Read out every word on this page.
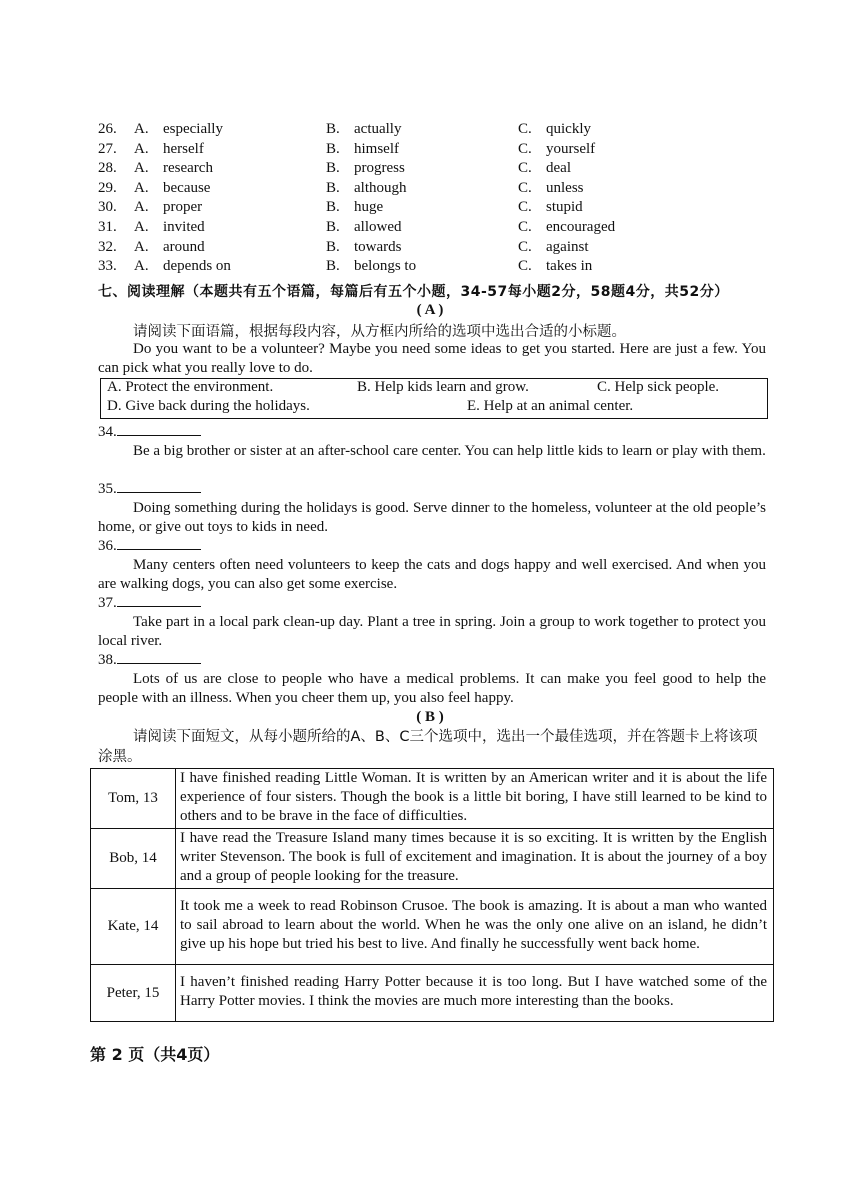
26. A. especially	B. actually	C. quickly
27. A. herself	B. himself	C. yourself
28. A. research	B. progress	C. deal
29. A. because	B. although	C. unless
30. A. proper	B. huge	C. stupid
31. A. invited	B. allowed	C. encouraged
32. A. around	B. towards	C. against
33. A. depends on	B. belongs to	C. takes in
七、阅读理解（本题共有五个语篇，每篇后有五个小题，34-57每小题2分，58题4分，共52分）
( A )
请阅读下面语篇，根据每段内容，从方框内所给的选项中选出合适的小标题。
Do you want to be a volunteer? Maybe you need some ideas to get you started. Here are just a few. You can pick what you really love to do.
A. Protect the environment.	B. Help kids learn and grow.	C. Help sick people.
D. Give back during the holidays.	E. Help at an animal center.
34.
Be a big brother or sister at an after-school care center. You can help little kids to learn or play with them.
35.
Doing something during the holidays is good. Serve dinner to the homeless, volunteer at the old people’s home, or give out toys to kids in need.
36.
Many centers often need volunteers to keep the cats and dogs happy and well exercised. And when you are walking dogs, you can also get some exercise.
37.
Take part in a local park clean-up day. Plant a tree in spring. Join a group to work together to protect you local river.
38.
Lots of us are close to people who have a medical problems. It can make you feel good to help the people with an illness. When you cheer them up, you also feel happy.
( B )
请阅读下面短文，从每小题所给的A、B、C三个选项中，选出一个最佳选项，并在答题卡上将该项涂黑。
Tom, 13	I have finished reading Little Woman. It is written by an American writer and it is about the life experience of four sisters. Though the book is a little bit boring, I have still learned to be kind to others and to be brave in the face of difficulties.
Bob, 14	I have read the Treasure Island many times because it is so exciting. It is written by the English writer Stevenson. The book is full of excitement and imagination. It is about the journey of a boy and a group of people looking for the treasure.
Kate, 14	It took me a week to read Robinson Crusoe. The book is amazing. It is about a man who wanted to sail abroad to learn about the world. When he was the only one alive on an island, he didn’t give up his hope but tried his best to live. And finally he successfully went back home.
Peter, 15	I haven’t finished reading Harry Potter because it is too long. But I have watched some of the Harry Potter movies. I think the movies are much more interesting than the books.
第 2 页（共4页）
